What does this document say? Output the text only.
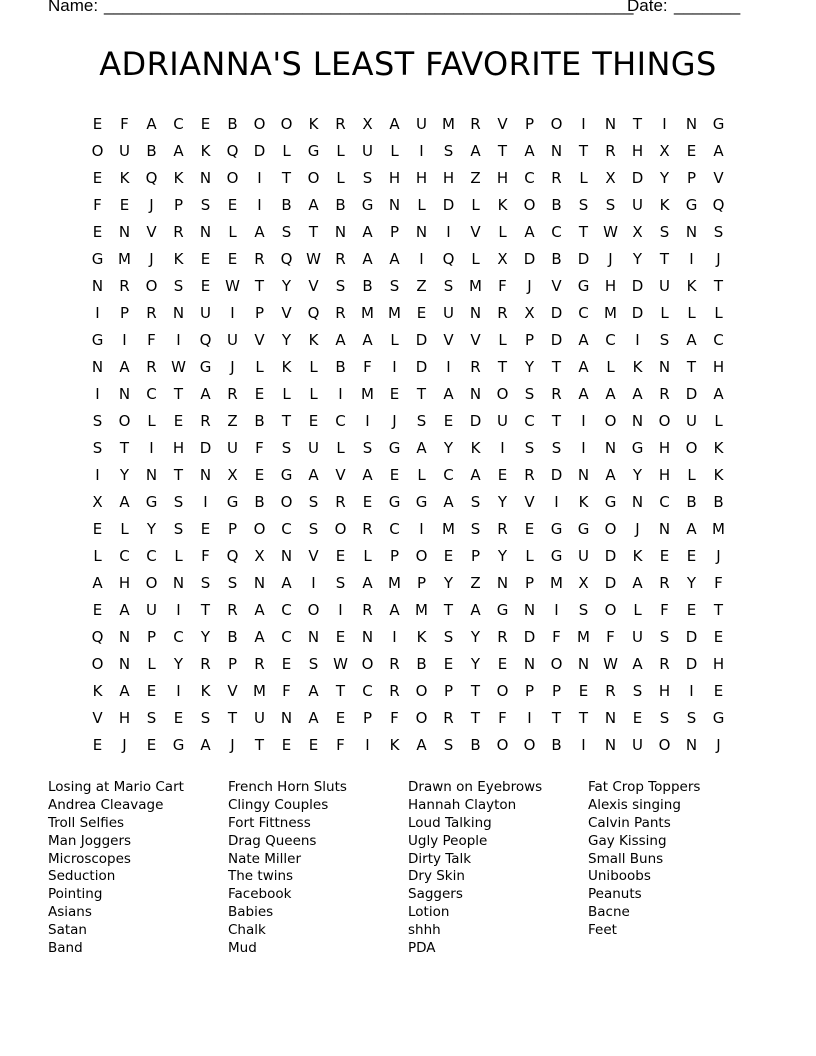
Name: ________________________________________________________
Date: _______
ADRIANNA'S LEAST FAVORITE THINGS
E	F	A	C	E	B	O	O	K	R	X	A	U	M	R	V	P	O	I	N	T	I	N	G
O	U	B	A	K	Q	D	L	G	L	U	L	I	S	A	T	A	N	T	R	H	X	E	A
E	K	Q	K	N	O	I	T	O	L	S	H	H	H	Z	H	C	R	L	X	D	Y	P	V
F	E	J	P	S	E	I	B	A	B	G	N	L	D	L	K	O	B	S	S	U	K	G	Q
E	N	V	R	N	L	A	S	T	N	A	P	N	I	V	L	A	C	T	W X	S	N	S
G M	J	K	E	E	R	Q W R	A	A	I	Q	L	X	D	B	D	J	Y	T	I	J
N	R	O	S	E W T	Y	V	S	B	S	Z	S	M	F	J	V	G	H	D	U	K	T
I	P	R	N	U	I	P	V	Q	R	M M	E	U	N	R	X	D	C	M D	L	L	L
G	I	F	I	Q	U	V	Y	K	A	A	L	D	V	V	L	P	D	A	C	I	S	A	C
N	A	R W G	J	L	K	L	B	F	I	D	I	R	T	Y	T	A	L	K	N	T	H
I	N	C	T	A	R	E	L	L	I	M	E	T	A	N	O	S	R	A	A	A	R	D	A
S	O	L	E	R	Z	B	T	E	C	I	J	S	E	D	U	C	T	I	O	N	O	U	L
S	T	I	H	D	U	F	S	U	L	S	G	A	Y	K	I	S	S	I	N	G	H	O	K
I	Y	N	T	N	X	E	G	A	V	A	E	L	C	A	E	R	D	N	A	Y	H	L	K
X	A	G	S	I	G	B	O	S	R	E	G	G	A	S	Y	V	I	K	G	N	C	B	B
E	L	Y	S	E	P	O	C	S	O	R	C	I	M	S	R	E	G	G	O	J	N	A	M
L	C	C	L	F	Q	X	N	V	E	L	P	O	E	P	Y	L	G	U	D	K	E	E	J
A	H	O	N	S	S	N	A	I	S	A	M	P	Y	Z	N	P	M	X	D	A	R	Y	F
E	A	U	I	T	R	A	C	O	I	R	A	M	T	A	G	N	I	S	O	L	F	E	T
Q	N	P	C	Y	B	A	C	N	E	N	I	K	S	Y	R	D	F	M	F	U	S	D	E
O	N	L	Y	R	P	R	E	S W O	R	B	E	Y	E	N	O	N W A	R	D	H
K	A	E	I	K	V	M	F	A	T	C	R	O	P	T	O	P	P	E	R	S	H	I	E
V	H	S	E	S	T	U	N	A	E	P	F	O	R	T	F	I	T	T	N	E	S	S	G
E	J	E	G	A	J	T	E	E	F	I	K	A	S	B	O	O	B	I	N	U	O	N	J
Losing at Mario Cart
Andrea Cleavage
Troll Selfies
Man Joggers
Microscopes
Seduction
Pointing
Asians
Satan
Band
French Horn Sluts
Clingy Couples
Fort Fittness
Drag Queens
Nate Miller
The twins
Facebook
Babies
Chalk
Mud
Drawn on Eyebrows
Hannah Clayton
Loud Talking
Ugly People
Dirty Talk
Dry Skin
Saggers
Lotion
shhh
PDA
Fat Crop Toppers
Alexis singing
Calvin Pants
Gay Kissing
Small Buns
Uniboobs
Peanuts
Bacne
Feet
